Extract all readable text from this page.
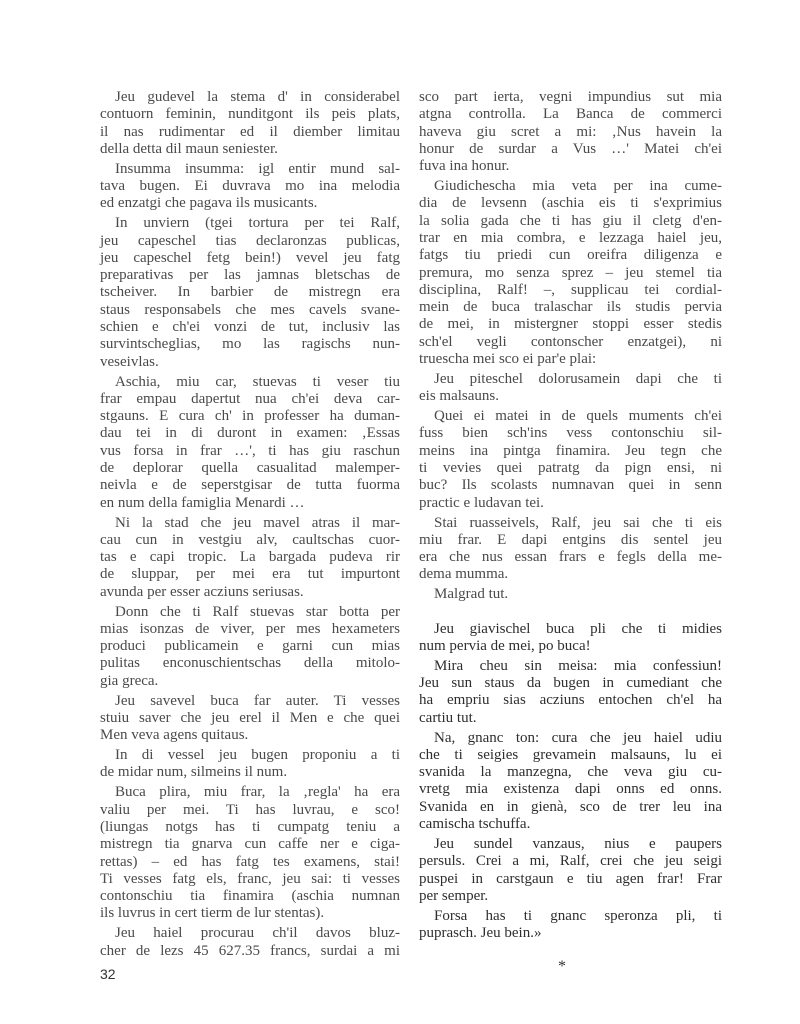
Jeu gudevel la stema d' in considerabel
contuorn feminin, nunditgont ils peis plats,
il nas rudimentar ed il diember limitau
della detta dil maun seniester.
Insumma insumma: igl entir mund sal-
tava bugen. Ei duvrava mo ina melodia
ed enzatgi che pagava ils musicants.
In unviern (tgei tortura per tei Ralf,
jeu capeschel tias declaronzas publicas,
jeu capeschel fetg bein!) vevel jeu fatg
preparativas per las jamnas bletschas de
tscheiver. In barbier de mistregn era
staus responsabels che mes cavels svane-
schien e ch'ei vonzi de tut, inclusiv las
survintscheglias, mo las ragischs nun-
veseivlas.
Aschia, miu car, stuevas ti veser tiu
frar empau dapertut nua ch'ei deva car-
stgauns. E cura ch' in professer ha duman-
dau tei in di duront in examen: ‚Essas
vus forsa in frar …', ti has giu raschun
de deplorar quella casualitad malemper-
neivla e de seperstgisar de tutta fuorma
en num della famiglia Menardi …
Ni la stad che jeu mavel atras il mar-
cau cun in vestgiu alv, caultschas cuor-
tas e capi tropic. La bargada pudeva rir
de sluppar, per mei era tut impurtont
avunda per esser acziuns seriusas.
Donn che ti Ralf stuevas star botta per
mias isonzas de viver, per mes hexameters
produci publicamein e garni cun mias
pulitas enconuschientschas della mitolo-
gia greca.
Jeu savevel buca far auter. Ti vesses
stuiu saver che jeu erel il Men e che quei
Men veva agens quitaus.
In di vessel jeu bugen proponiu a ti
de midar num, silmeins il num.
Buca plira, miu frar, la ‚regla' ha era
valiu per mei. Ti has luvrau, e sco!
(liungas notgs has ti cumpatg teniu a
mistregn tia gnarva cun caffe ner e ciga-
rettas) – ed has fatg tes examens, stai!
Ti vesses fatg els, franc, jeu sai: ti vesses
contonschiu tia finamira (aschia numnan
ils luvrus in cert tierm de lur stentas).
Jeu haiel procurau ch'il davos bluz-
cher de lezs 45 627.35 francs, surdai a mi
sco part ierta, vegni impundius sut mia
atgna controlla. La Banca de commerci
haveva giu scret a mi: ‚Nus havein la
honur de surdar a Vus …' Matei ch'ei
fuva ina honur.
Giudichescha mia veta per ina cume-
dia de levsenn (aschia eis ti s'exprimius
la solia gada che ti has giu il cletg d'en-
trar en mia combra, e lezzaga haiel jeu,
fatgs tiu priedi cun oreifra diligenza e
premura, mo senza sprez – jeu stemel tia
disciplina, Ralf! –, supplicau tei cordial-
mein de buca tralaschar ils studis pervia
de mei, in mistergner stoppi esser stedis
sch'el vegli contonscher enzatgei), ni
truescha mei sco ei par'e plai:
Jeu piteschel dolorusamein dapi che ti
eis malsauns.
Quei ei matei in de quels muments ch'ei
fuss bien sch'ins vess contonschiu sil-
meins ina pintga finamira. Jeu tegn che
ti vevies quei patratg da pign ensi, ni
buc? Ils scolasts numnavan quei in senn
practic e ludavan tei.
Stai ruasseivels, Ralf, jeu sai che ti eis
miu frar. E dapi entgins dis sentel jeu
era che nus essan frars e fegls della me-
dema mumma.
Malgrad tut.
Jeu giavischel buca pli che ti midies
num pervia de mei, po buca!
Mira cheu sin meisa: mia confessiun!
Jeu sun staus da bugen in cumediant che
ha empriu sias acziuns entochen ch'el ha
cartiu tut.
Na, gnanc ton: cura che jeu haiel udiu
che ti seigies grevamein malsauns, lu ei
svanida la manzegna, che veva giu cu-
vretg mia existenza dapi onns ed onns.
Svanida en in gienà, sco de trer leu ina
camischa tschuffa.
Jeu sundel vanzaus, nius e paupers
persuls. Crei a mi, Ralf, crei che jeu seigi
puspei in carstgaun e tiu agen frar! Frar
per semper.
Forsa has ti gnanc speronza pli, ti
puprasch. Jeu bein.»
*
32
